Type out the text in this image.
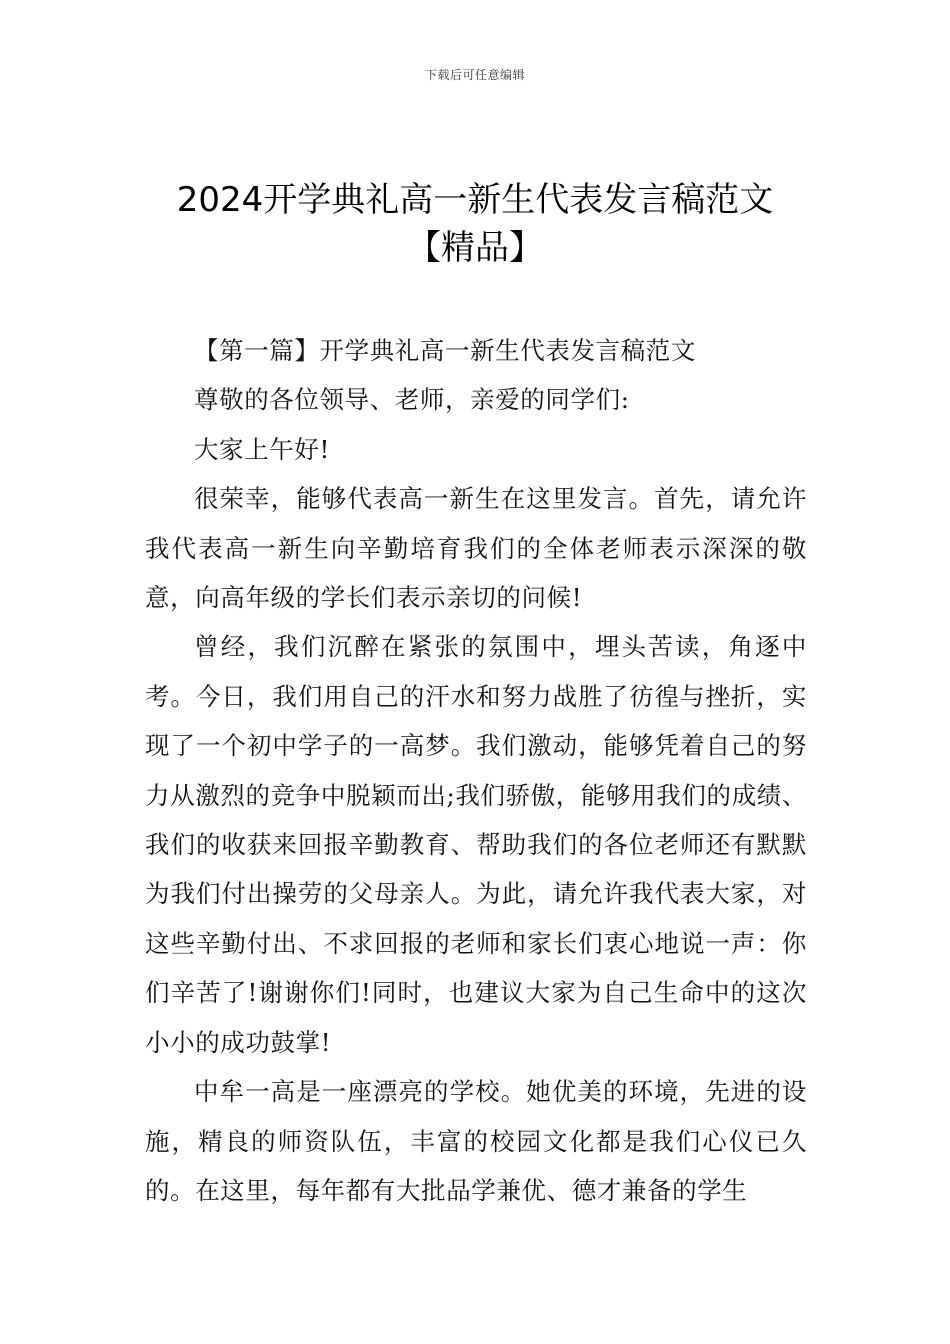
下载后可任意编辑
2024开学典礼高一新生代表发言稿范文
【精品】

【第一篇】开学典礼高一新生代表发言稿范文

尊敬的各位领导、老师，亲爱的同学们:

大家上午好!

很荣幸，能够代表高一新生在这里发言。首先，请允许我代表高一新生向辛勤培育我们的全体老师表示深深的敬意，向高年级的学长们表示亲切的问候!

曾经，我们沉醉在紧张的氛围中，埋头苦读，角逐中考。今日，我们用自己的汗水和努力战胜了彷徨与挫折，实现了一个初中学子的一高梦。我们激动，能够凭着自己的努力从激烈的竞争中脱颖而出;我们骄傲，能够用我们的成绩、我们的收获来回报辛勤教育、帮助我们的各位老师还有默默为我们付出操劳的父母亲人。为此，请允许我代表大家，对这些辛勤付出、不求回报的老师和家长们衷心地说一声：你们辛苦了!谢谢你们!同时，也建议大家为自己生命中的这次小小的成功鼓掌!

中牟一高是一座漂亮的学校。她优美的环境，先进的设施，精良的师资队伍，丰富的校园文化都是我们心仪已久的。在这里，每年都有大批品学兼优、德才兼备的学生
